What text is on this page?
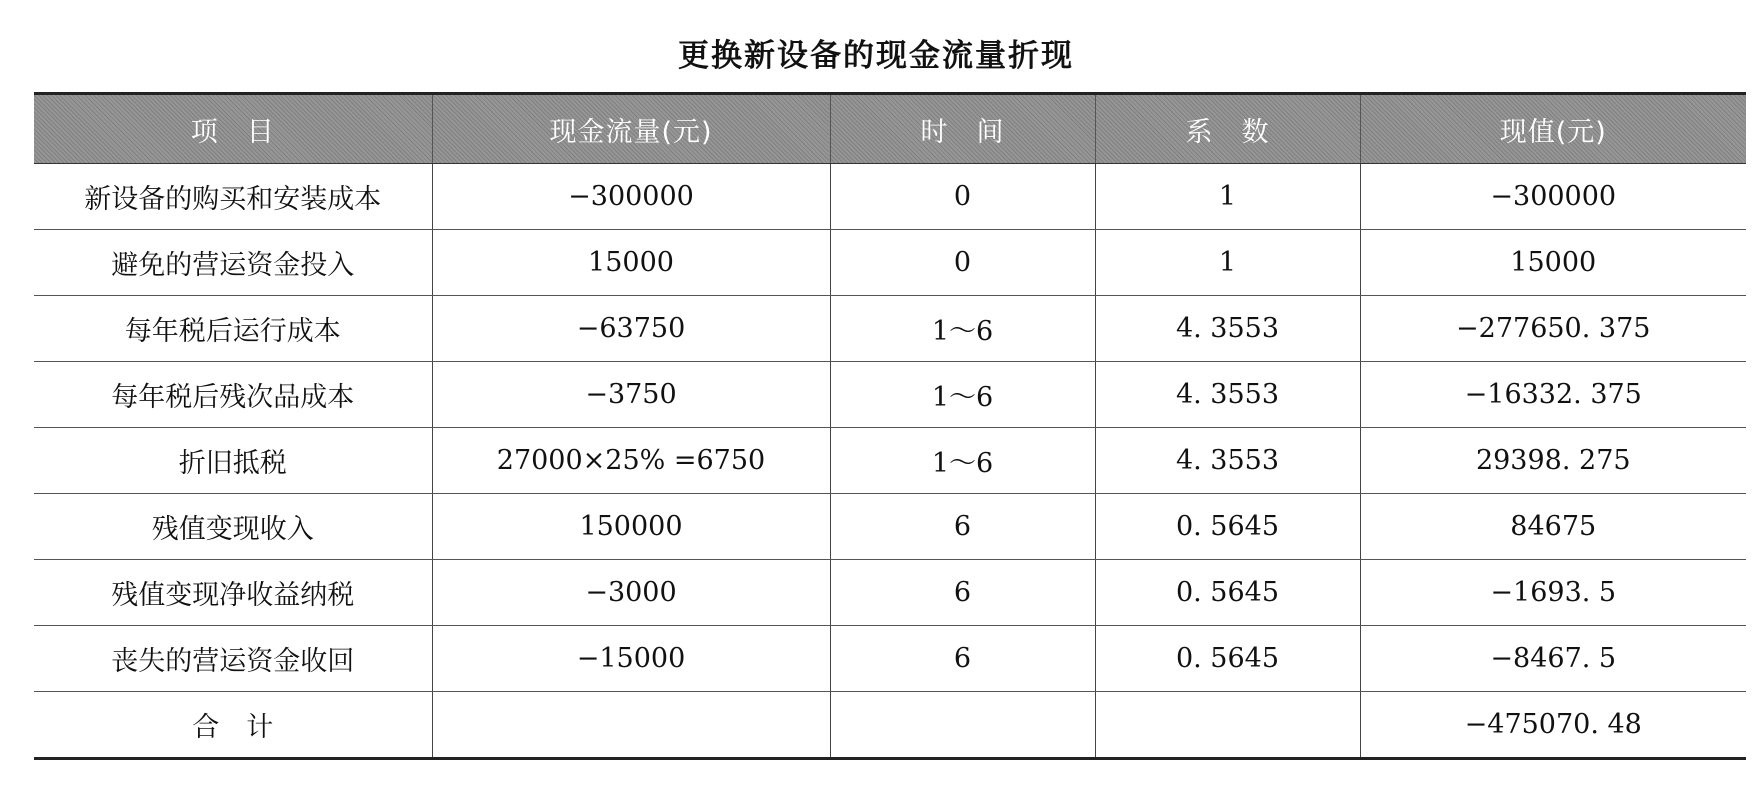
更换新设备的现金流量折现
项　目	现金流量(元)	时　间	系　数	现值(元)
新设备的购买和安装成本	−300000	0	1	−300000
避免的营运资金投入	15000	0	1	15000
每年税后运行成本	−63750	1～6	4. 3553	−277650. 375
每年税后残次品成本	−3750	1～6	4. 3553	−16332. 375
折旧抵税	27000×25% =6750	1～6	4. 3553	29398. 275
残值变现收入	150000	6	0. 5645	84675
残值变现净收益纳税	−3000	6	0. 5645	−1693. 5
丧失的营运资金收回	−15000	6	0. 5645	−8467. 5
合　计				−475070. 48
